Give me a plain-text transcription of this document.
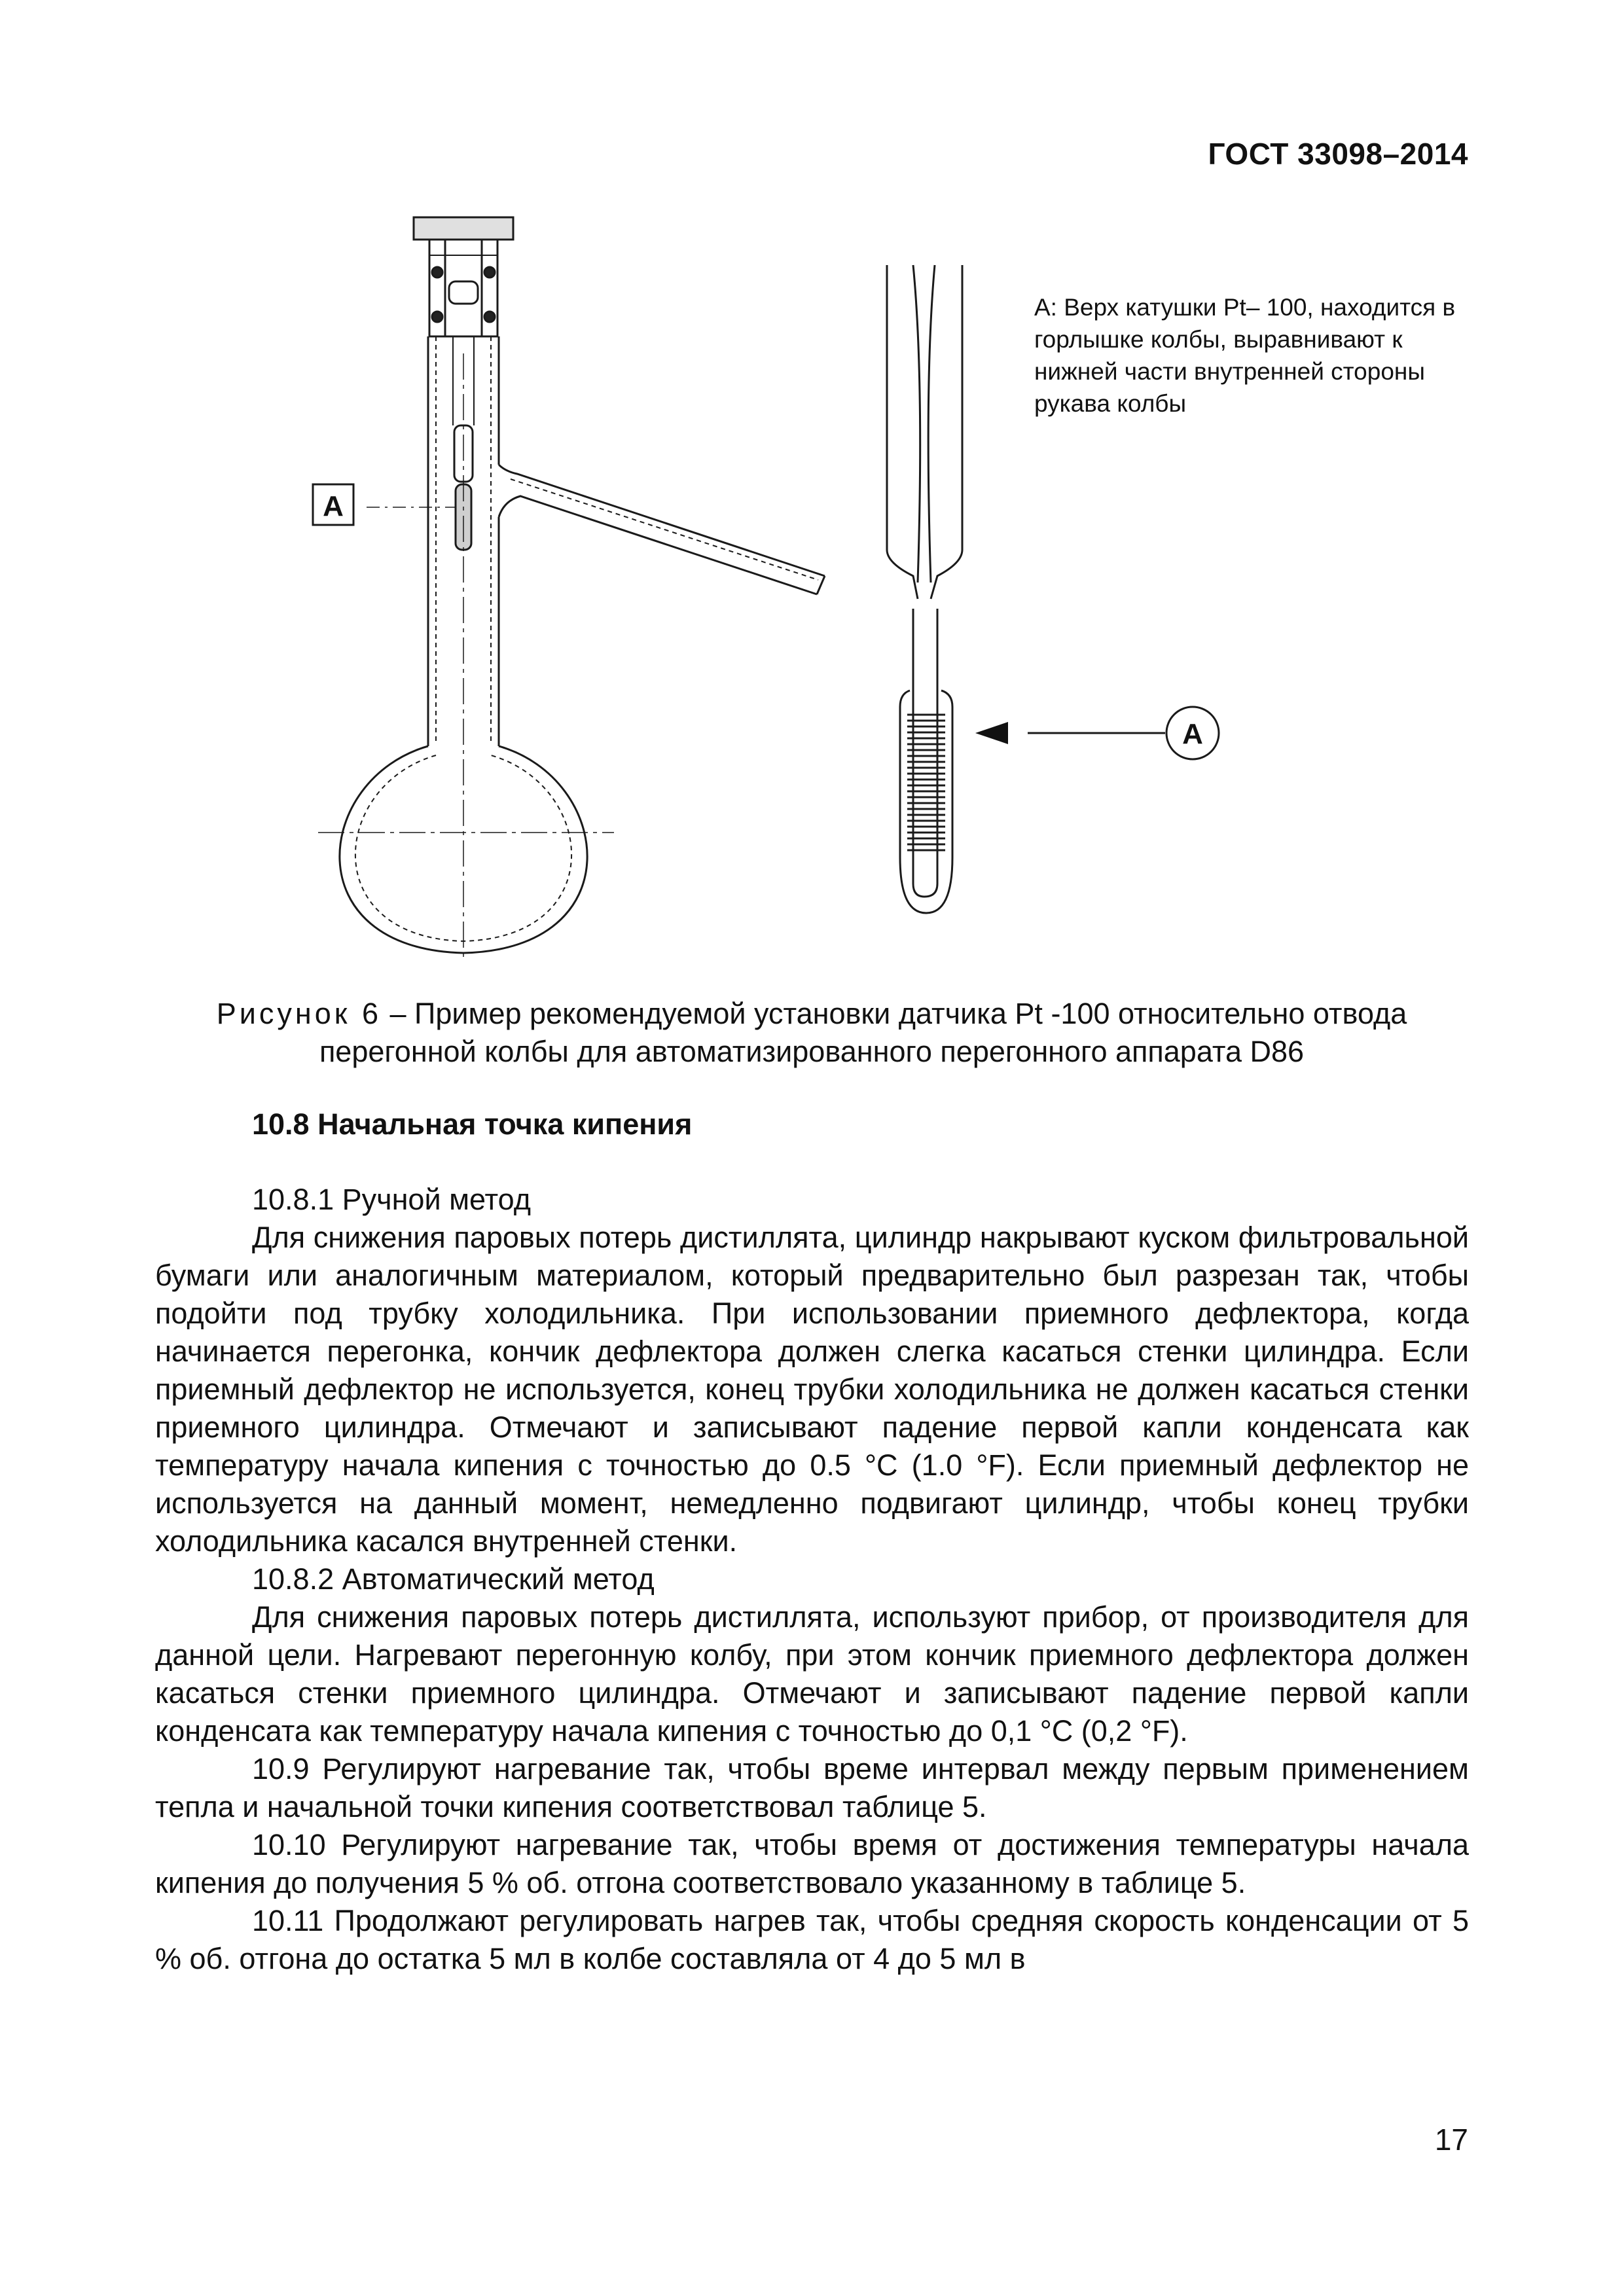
ГОСТ 33098–2014
A
A
A: Верх катушки Pt– 100, находится в горлышке колбы, выравнивают к нижней части внутренней стороны рукава колбы
Рисунок 6 – Пример рекомендуемой установки датчика Pt -100 относительно отвода перегонной колбы для автоматизированного перегонного аппарата D86
10.8 Начальная точка кипения

10.8.1 Ручной метод

Для снижения паровых потерь дистиллята, цилиндр накрывают куском фильтровальной бумаги или аналогичным материалом, который предварительно был разрезан так, чтобы подойти под трубку холодильника. При использовании приемного дефлектора, когда начинается перегонка, кончик дефлектора должен слегка касаться стенки цилиндра. Если приемный дефлектор не используется, конец трубки холодильника не должен касаться стенки приемного цилиндра. Отмечают и записывают падение первой капли конденсата как температуру начала кипения с точностью до 0.5 °С (1.0 °F). Если приемный дефлектор не используется на данный момент, немедленно подвигают цилиндр, чтобы конец трубки холодильника касался внутренней стенки.

10.8.2 Автоматический метод

Для снижения паровых потерь дистиллята, используют прибор, от производителя для данной цели. Нагревают перегонную колбу, при этом кончик приемного дефлектора должен касаться стенки приемного цилиндра. Отмечают и записывают падение первой капли конденсата как температуру начала кипения с точностью до 0,1 °С (0,2 °F).

10.9 Регулируют нагревание так, чтобы време интервал между первым применением тепла и начальной точки кипения соответствовал таблице 5.

10.10 Регулируют нагревание так, чтобы время от достижения температуры начала кипения до получения 5 % об. отгона соответствовало указанному в таблице 5.

10.11 Продолжают регулировать нагрев так, чтобы средняя скорость конденсации от 5 % об. отгона до остатка 5 мл в колбе составляла от 4 до 5 мл в

17
